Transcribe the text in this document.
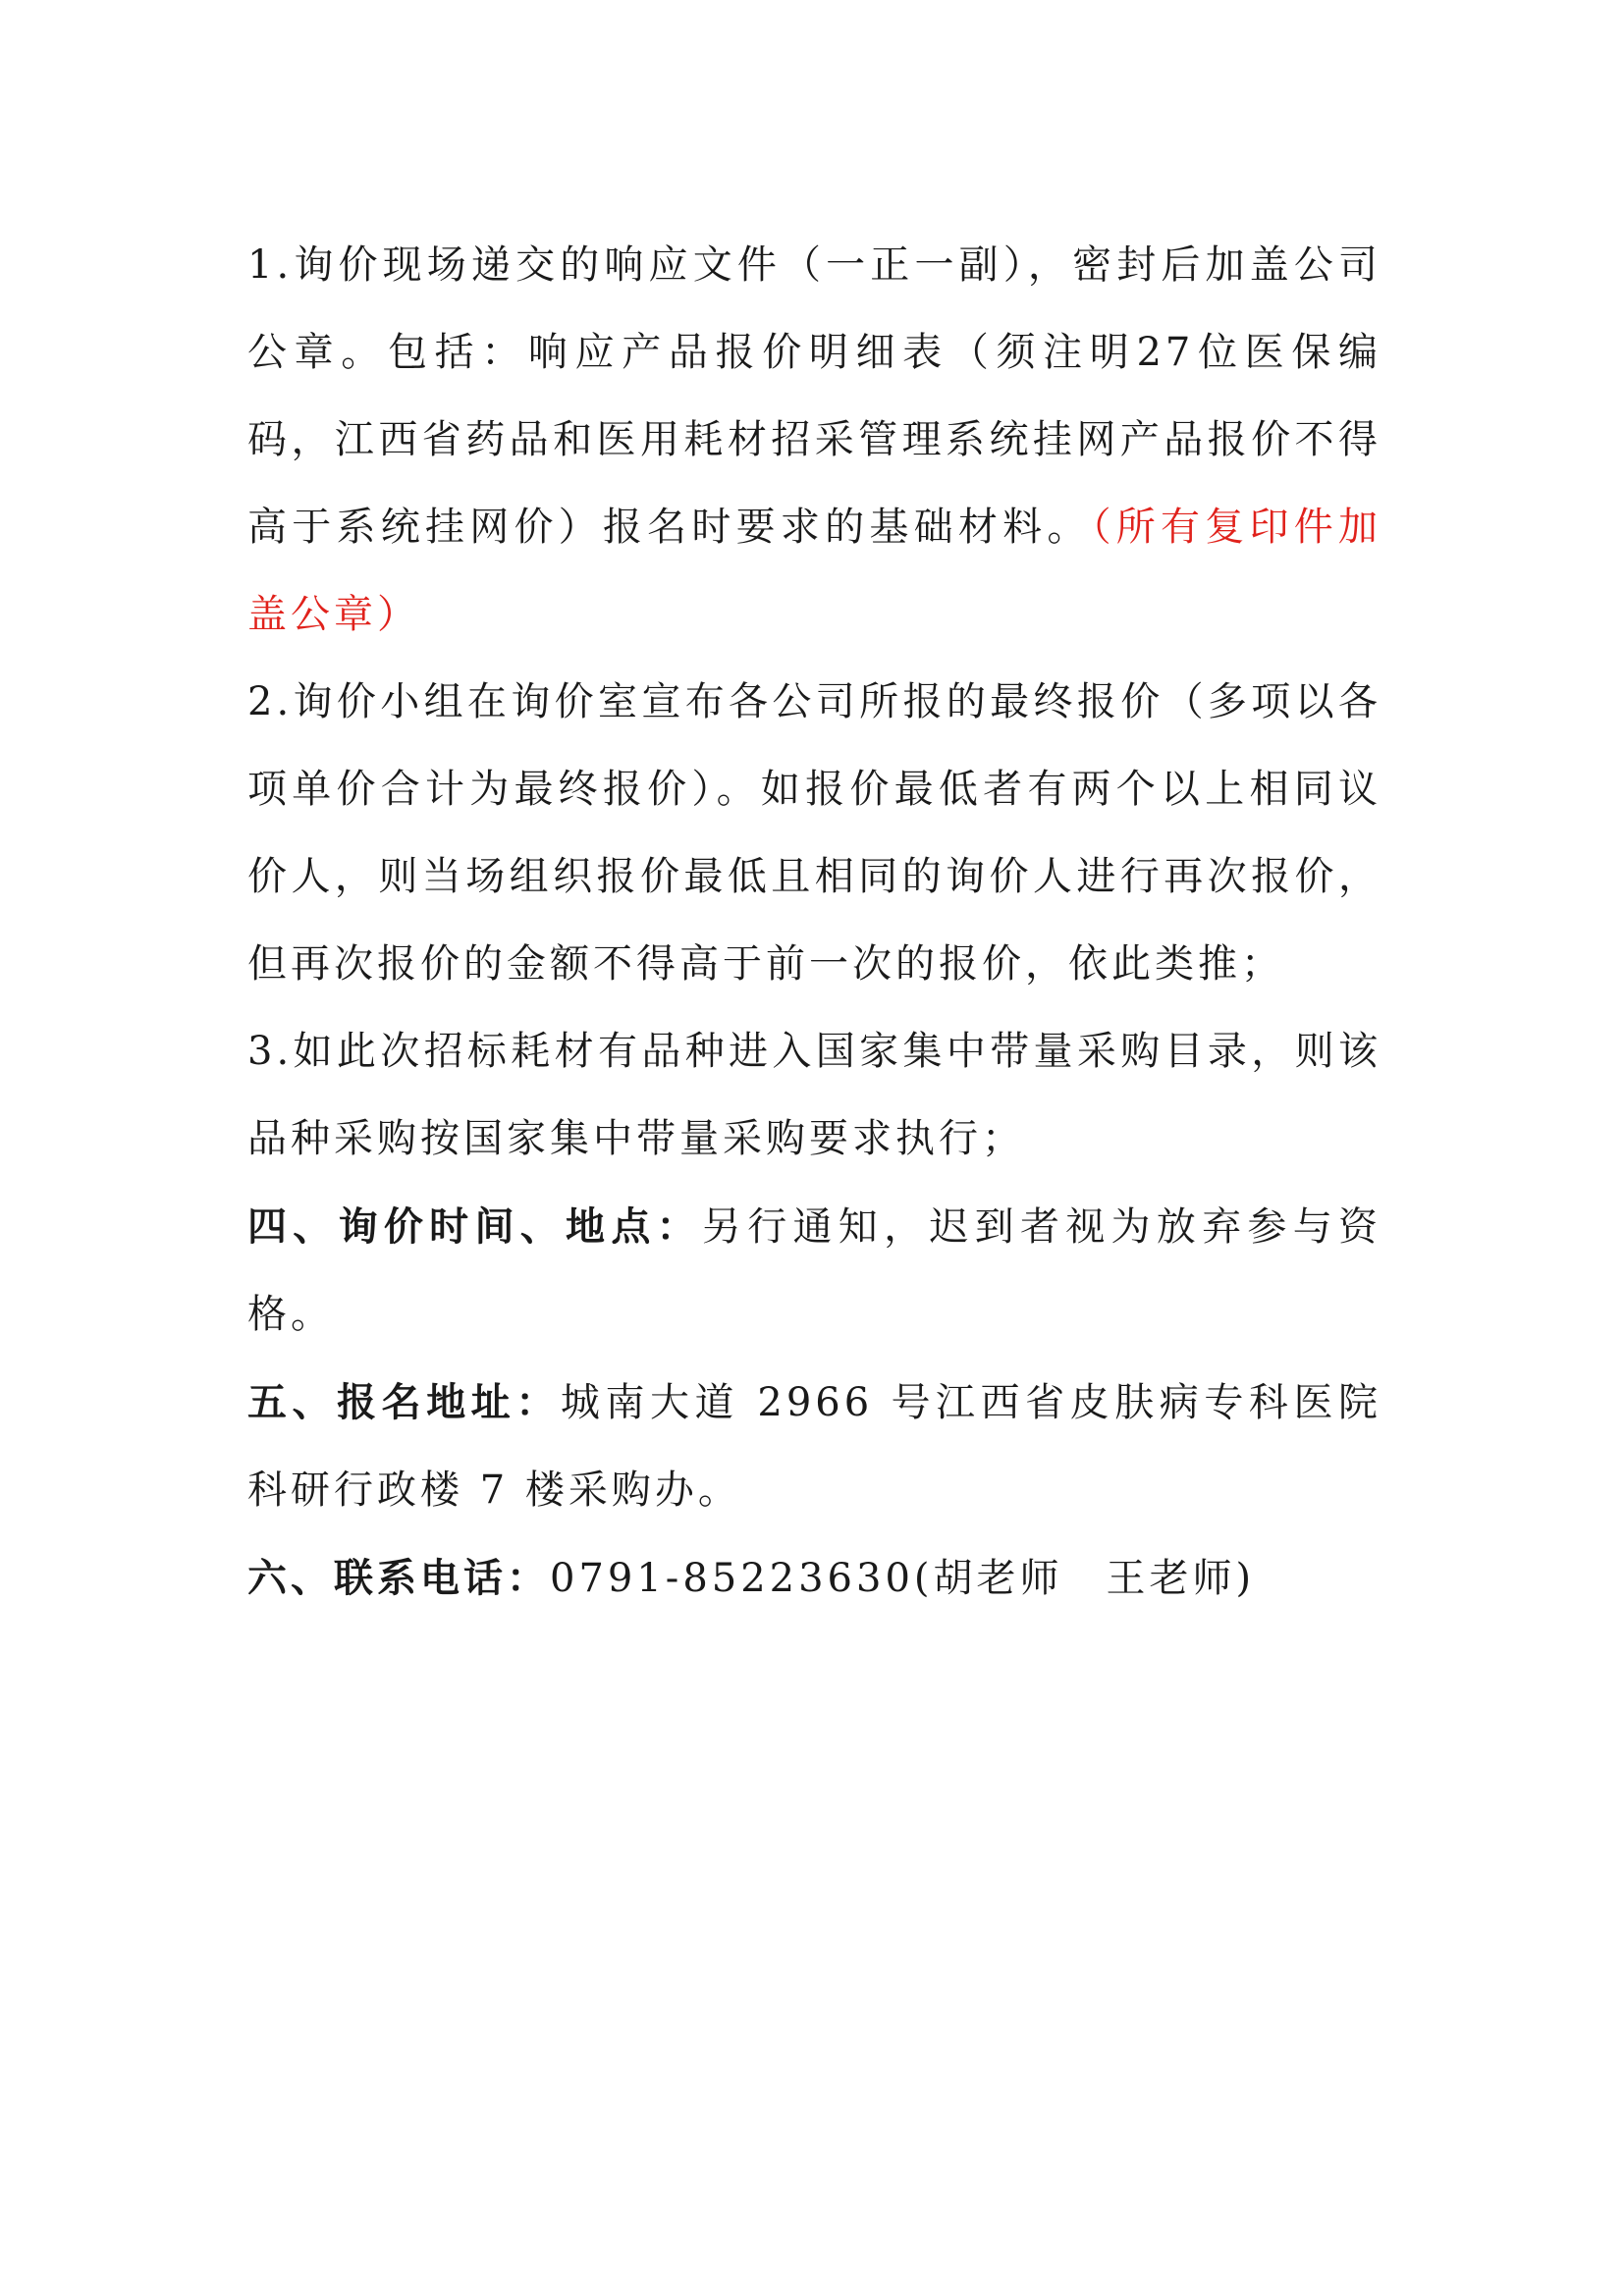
1.询价现场递交的响应文件（一正一副），密封后加盖公司公章。包括：响应产品报价明细表（须注明27位医保编码，江西省药品和医用耗材招采管理系统挂网产品报价不得高于系统挂网价）报名时要求的基础材料。（所有复印件加盖公章）

2.询价小组在询价室宣布各公司所报的最终报价（多项以各项单价合计为最终报价）。如报价最低者有两个以上相同议价人，则当场组织报价最低且相同的询价人进行再次报价，但再次报价的金额不得高于前一次的报价，依此类推；

3.如此次招标耗材有品种进入国家集中带量采购目录，则该品种采购按国家集中带量采购要求执行；

四、询价时间、地点：另行通知，迟到者视为放弃参与资格。

五、报名地址：城南大道 2966 号江西省皮肤病专科医院科研行政楼 7 楼采购办。

六、联系电话：0791-85223630(胡老师　王老师)
